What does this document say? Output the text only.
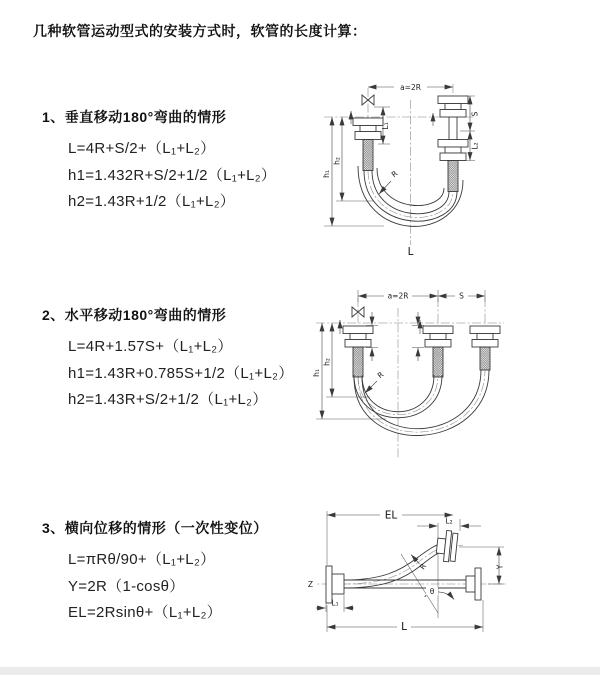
几种软管运动型式的安装方式时，软管的长度计算：
1、垂直移动180°弯曲的情形
L=4R+S/2+（L₁+L₂）
h1=1.432R+S/2+1/2（L₁+L₂）
h2=1.43R+1/2（L₁+L₂）
a=2R
h₁
h₂
L₁
S
L₂
R
L
2、水平移动180°弯曲的情形
L=4R+1.57S+（L₁+L₂）
h1=1.43R+0.785S+1/2（L₁+L₂）
h2=1.43R+S/2+1/2（L₁+L₂）
a=2R	S
h₁
h₂
R
3、横向位移的情形（一次性变位）
L=πRθ/90+（L₁+L₂）
Y=2R（1-cosθ）
EL=2Rsinθ+（L₁+L₂）
EL	L₂
Y
R
θ
L
L₁
Z
